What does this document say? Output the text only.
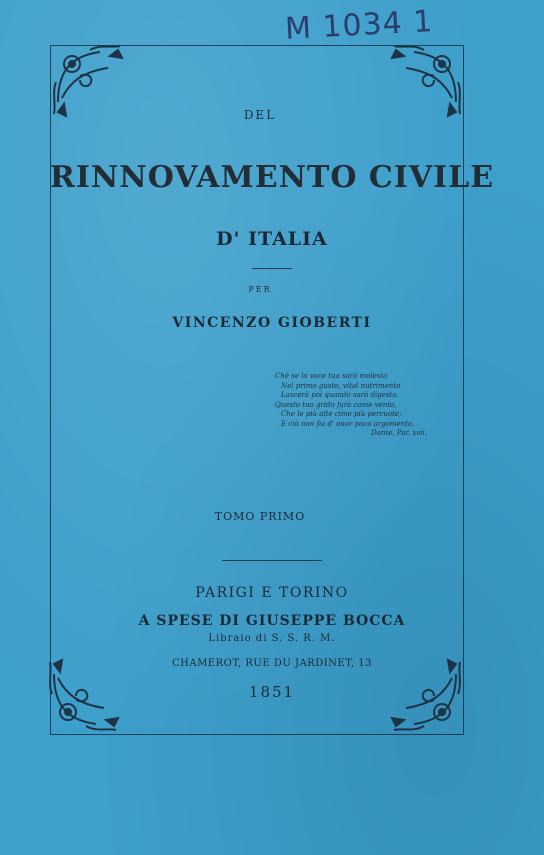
M 1034 1
DEL
RINNOVAMENTO CIVILE
D' ITALIA
PER
VINCENZO GIOBERTI
Chè se la voce tua sarà molesta
Nel primo gusto, vital nutrimento
Lascerà poi quando sarà digesta.
Questo tuo grido farà come vento,
Che le più alte cime più percuote;
E ciò non fia d' onor poco argomento.
Dante, Par. xvii.
TOMO PRIMO
PARIGI E TORINO
A SPESE DI GIUSEPPE BOCCA
Libraio di S. S. R. M.
CHAMEROT, RUE DU JARDINET, 13
1851
